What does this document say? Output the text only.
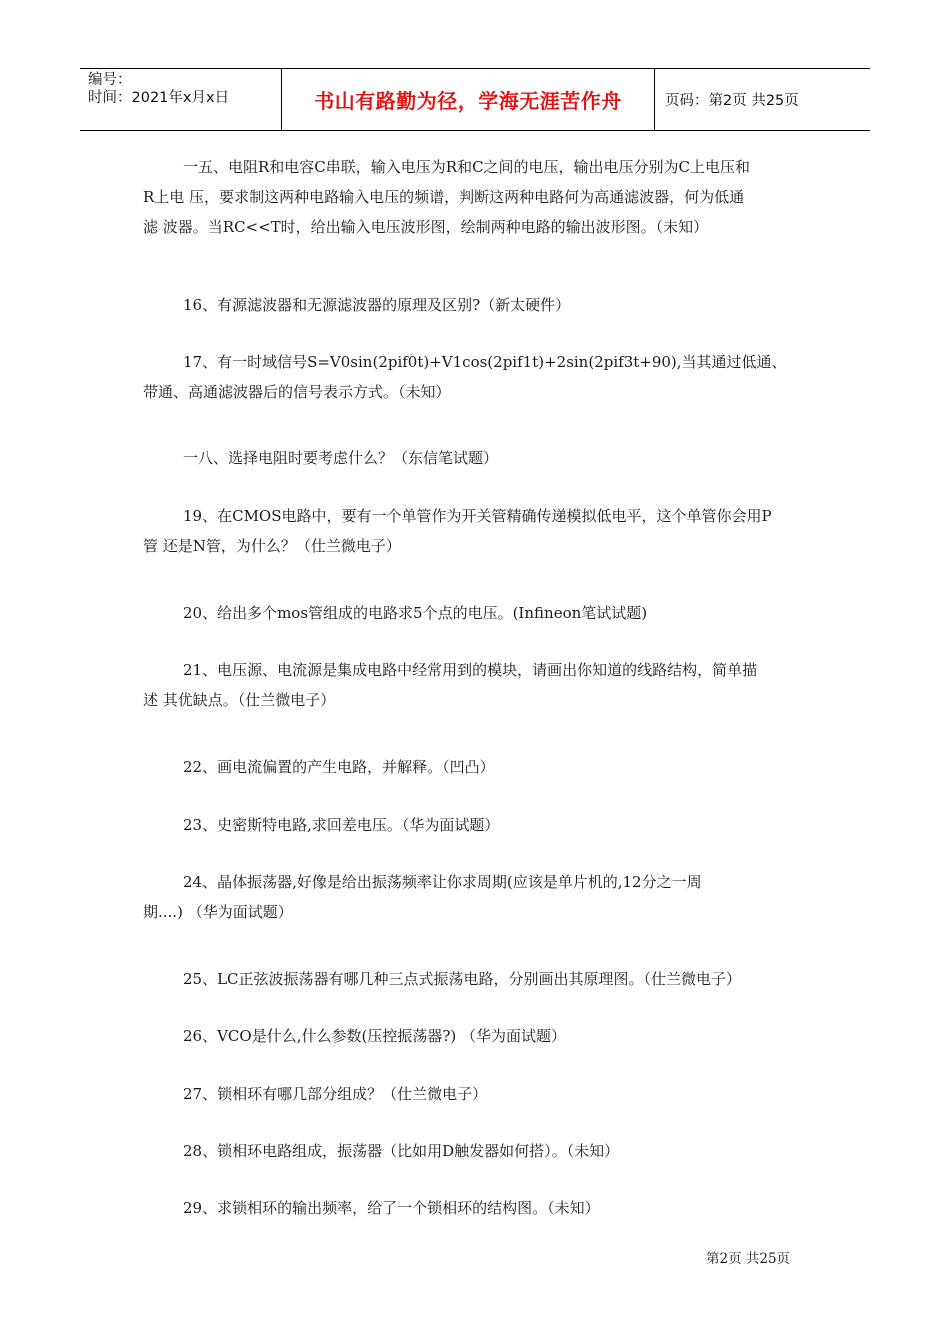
编号：
时间：2021年x月x日	书山有路勤为径，学海无涯苦作舟	页码：第2页 共25页

一五、电阻R和电容C串联，输入电压为R和C之间的电压，输出电压分别为C上电压和
R上电 压，要求制这两种电路输入电压的频谱，判断这两种电路何为高通滤波器，何为低通
滤 波器。当RC<<T时，给出输入电压波形图，绘制两种电路的输出波形图。（未知）

16、有源滤波器和无源滤波器的原理及区别?（新太硬件）

17、有一时域信号S=V0sin(2pif0t)+V1cos(2pif1t)+2sin(2pif3t+90),当其通过低通、
带通、高通滤波器后的信号表示方式。（未知）

一八、选择电阻时要考虑什么？（东信笔试题）

19、在CMOS电路中，要有一个单管作为开关管精确传递模拟低电平，这个单管你会用P
管 还是N管，为什么？（仕兰微电子）

20、给出多个mos管组成的电路求5个点的电压。(Infineon笔试试题)

21、电压源、电流源是集成电路中经常用到的模块，请画出你知道的线路结构，简单描
述 其优缺点。（仕兰微电子）

22、画电流偏置的产生电路，并解释。（凹凸）

23、史密斯特电路,求回差电压。（华为面试题）

24、晶体振荡器,好像是给出振荡频率让你求周期(应该是单片机的,12分之一周
期....) （华为面试题）

25、LC正弦波振荡器有哪几种三点式振荡电路，分别画出其原理图。（仕兰微电子）

26、VCO是什么,什么参数(压控振荡器?) （华为面试题）

27、锁相环有哪几部分组成？（仕兰微电子）

28、锁相环电路组成，振荡器（比如用D触发器如何搭）。（未知）

29、求锁相环的输出频率，给了一个锁相环的结构图。（未知）

第2页 共25页
